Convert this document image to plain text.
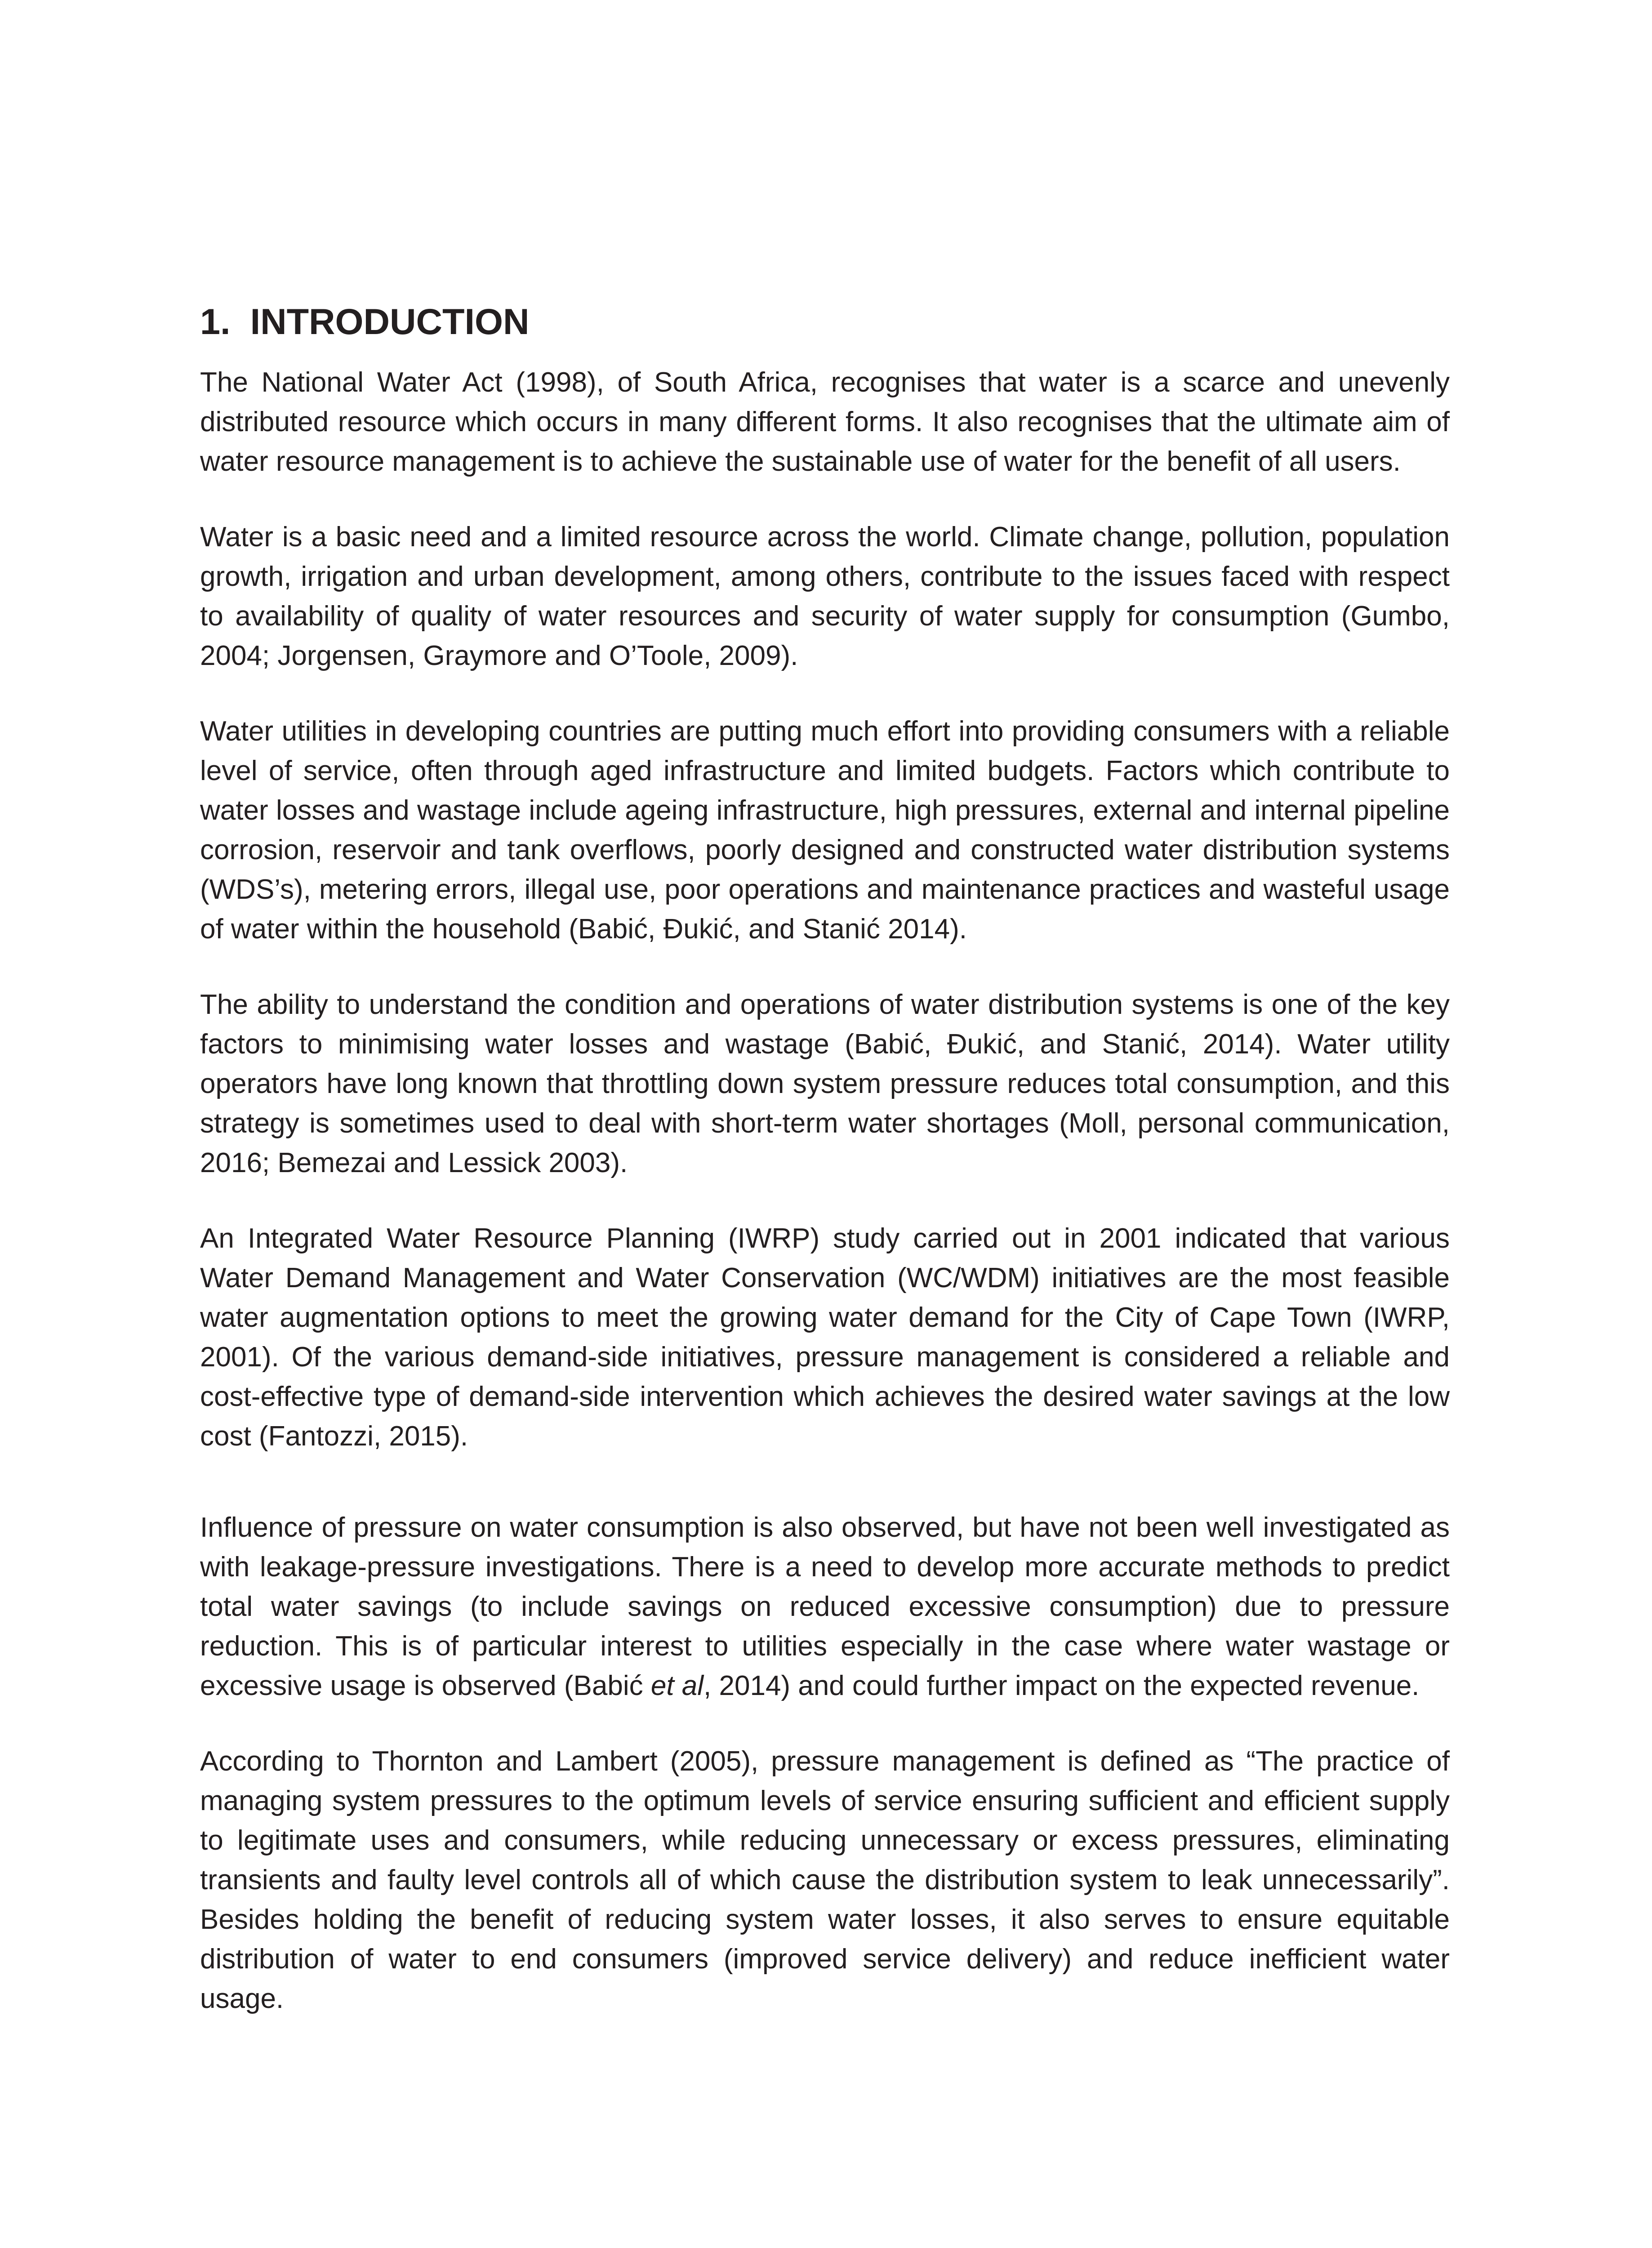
1. INTRODUCTION

The National Water Act (1998), of South Africa, recognises that water is a scarce and unevenly distributed resource which occurs in many different forms. It also recognises that the ultimate aim of water resource management is to achieve the sustainable use of water for the benefit of all users.

Water is a basic need and a limited resource across the world. Climate change, pollution, population growth, irrigation and urban development, among others, contribute to the issues faced with respect to availability of quality of water resources and security of water supply for consumption (Gumbo, 2004; Jorgensen, Graymore and O’Toole, 2009).

Water utilities in developing countries are putting much effort into providing consumers with a reliable level of service, often through aged infrastructure and limited budgets. Factors which contribute to water losses and wastage include ageing infrastructure, high pressures, external and internal pipeline corrosion, reservoir and tank overflows, poorly designed and constructed water distribution systems (WDS’s), metering errors, illegal use, poor operations and maintenance practices and wasteful usage of water within the household (Babić, Đukić, and Stanić 2014).

The ability to understand the condition and operations of water distribution systems is one of the key factors to minimising water losses and wastage (Babić, Đukić, and Stanić, 2014). Water utility operators have long known that throttling down system pressure reduces total consumption, and this strategy is sometimes used to deal with short-term water shortages (Moll, personal communication, 2016; Bemezai and Lessick 2003).

An Integrated Water Resource Planning (IWRP) study carried out in 2001 indicated that various Water Demand Management and Water Conservation (WC/WDM) initiatives are the most feasible water augmentation options to meet the growing water demand for the City of Cape Town (IWRP, 2001). Of the various demand-side initiatives, pressure management is considered a reliable and cost-effective type of demand-side intervention which achieves the desired water savings at the low cost (Fantozzi, 2015).

Influence of pressure on water consumption is also observed, but have not been well investigated as with leakage-pressure investigations. There is a need to develop more accurate methods to predict total water savings (to include savings on reduced excessive consumption) due to pressure reduction. This is of particular interest to utilities especially in the case where water wastage or excessive usage is observed (Babić et al, 2014) and could further impact on the expected revenue.

According to Thornton and Lambert (2005), pressure management is defined as “The practice of managing system pressures to the optimum levels of service ensuring sufficient and efficient supply to legitimate uses and consumers, while reducing unnecessary or excess pressures, eliminating transients and faulty level controls all of which cause the distribution system to leak unnecessarily”. Besides holding the benefit of reducing system water losses, it also serves to ensure equitable distribution of water to end consumers (improved service delivery) and reduce inefficient water usage.
